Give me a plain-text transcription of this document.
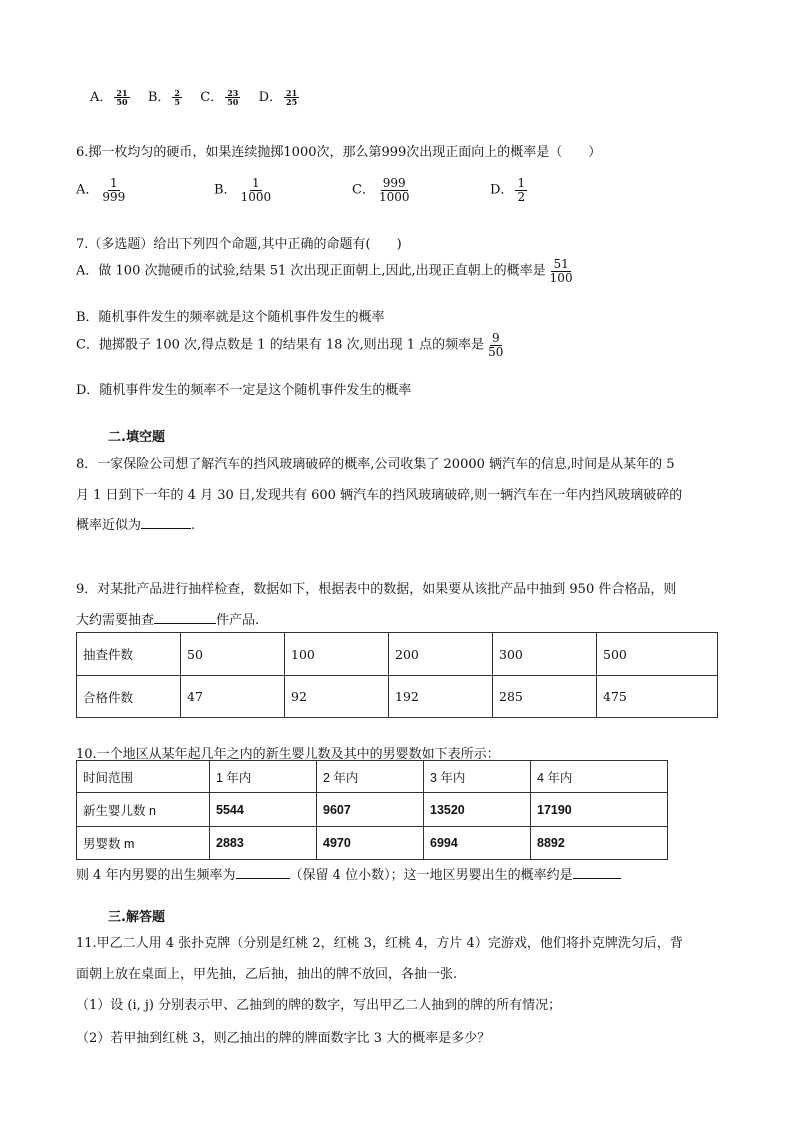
A． $\frac{21}{50}$ B． $\frac{2}{5}$ C． $\frac{23}{50}$ D． $\frac{21}{25}$
6.掷一枚均匀的硬币，如果连续抛掷1000次，那么第999次出现正面向上的概率是（　　）
A． $\frac{1}{999}$	B． $\frac{1}{1000}$	C． $\frac{999}{1000}$	D． $\frac{1}{2}$
7.（多选题）给出下列四个命题,其中正确的命题有(　　)
A．做 100 次抛硬币的试验,结果 51 次出现正面朝上,因此,出现正直朝上的概率是 $\frac{51}{100}$
B．随机事件发生的频率就是这个随机事件发生的概率
C．抛掷骰子 100 次,得点数是 1 的结果有 18 次,则出现 1 点的频率是 $\frac{9}{50}$
D．随机事件发生的频率不一定是这个随机事件发生的概率
二.填空题
8．一家保险公司想了解汽车的挡风玻璃破碎的概率,公司收集了 20000 辆汽车的信息,时间是从某年的 5
月 1 日到下一年的 4 月 30 日,发现共有 600 辆汽车的挡风玻璃破碎,则一辆汽车在一年内挡风玻璃破碎的
概率近似为	.
9．对某批产品进行抽样检查，数据如下，根据表中的数据，如果要从该批产品中抽到 950 件合格品，则
大约需要抽查	件产品.
抽查件数	50	100	200	300	500
合格件数	47	92	192	285	475
10.一个地区从某年起几年之内的新生婴儿数及其中的男婴数如下表所示：
时间范围	1 年内	2 年内	3 年内	4 年内
新生婴儿数 n	5544	9607	13520	17190
男婴数 m	2883	4970	6994	8892
则 4 年内男婴的出生频率为	（保留 4 位小数）；这一地区男婴出生的概率约是
三.解答题
11.甲乙二人用 4 张扑克牌（分别是红桃 2，红桃 3，红桃 4，方片 4）完游戏，他们将扑克牌洗匀后，背
面朝上放在桌面上，甲先抽，乙后抽，抽出的牌不放回，各抽一张.
（1）设 (i, j) 分别表示甲、乙抽到的牌的数字，写出甲乙二人抽到的牌的所有情况；
（2）若甲抽到红桃 3，则乙抽出的牌的牌面数字比 3 大的概率是多少？
